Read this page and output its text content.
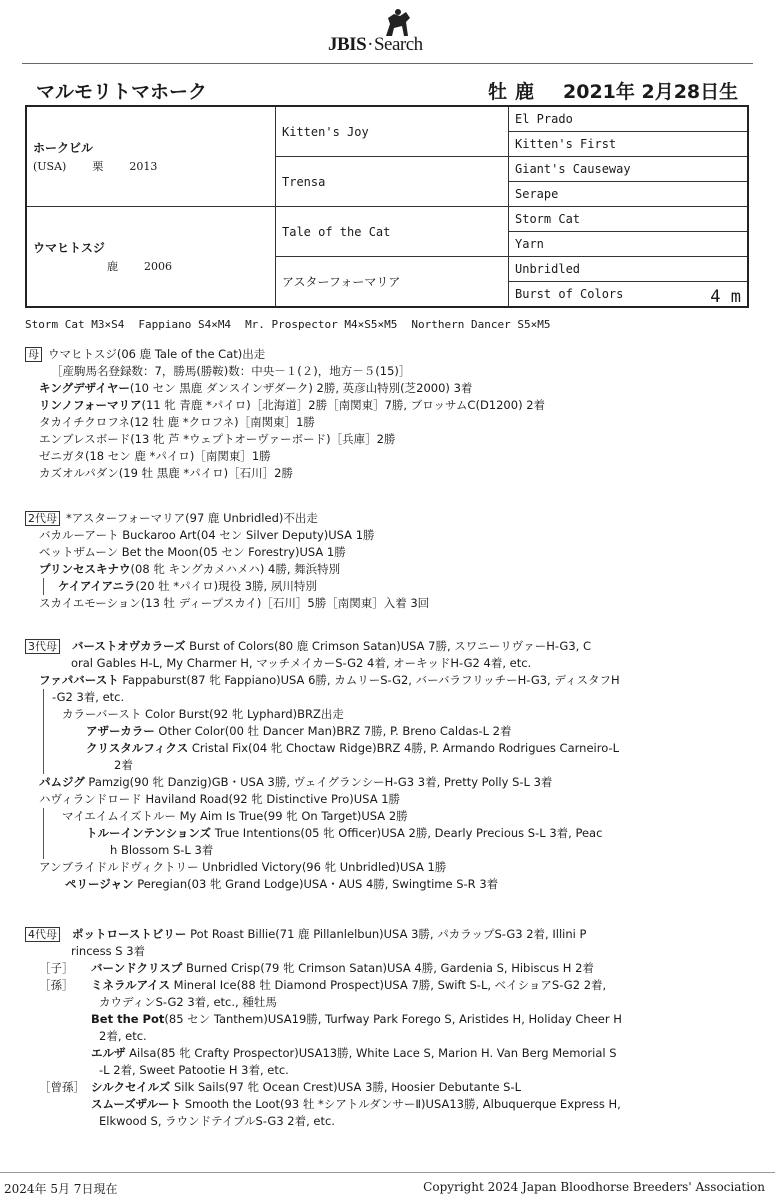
JBIS·Search
マルモリトマホーク	牡 鹿 2021年 2月28日生
ホークビル
(USA) 栗 2013	Kitten's Joy	El Prado
		Kitten's First
	Trensa	Giant's Causeway
		Serape

ウマヒトスジ
鹿 2006	Tale of the Cat	Storm Cat
		Yarn
	アスターフォーマリア	Unbridled
		Burst of Colors 4 m
Storm Cat M3×S4 Fappiano S4×M4 Mr. Prospector M4×S5×M5 Northern Dancer S5×M5
母 ウマヒトスジ(06 鹿 Tale of the Cat)出走
［産駒馬名登録数：7，勝馬(勝鞍)数：中央－１(２)，地方－５(15)］
キングデザイヤー(10 セン 黒鹿 ダンスインザダーク) 2勝, 英彦山特別(芝2000) 3着
リンノフォーマリア(11 牝 青鹿 *パイロ)［北海道］2勝［南関東］7勝, ブロッサムC(D1200) 2着
タカイチクロフネ(12 牡 鹿 *クロフネ)［南関東］1勝
エンブレスボード(13 牝 芦 *ウェプトオーヴァーボード)［兵庫］2勝
ゼニガタ(18 セン 鹿 *パイロ)［南関東］1勝
カズオルパダン(19 牡 黒鹿 *パイロ)［石川］2勝
2代母 *アスターフォーマリア(97 鹿 Unbridled)不出走
バカルーアート Buckaroo Art(04 セン Silver Deputy)USA 1勝
ベットザムーン Bet the Moon(05 セン Forestry)USA 1勝
プリンセスキナウ(08 牝 キングカメハメハ) 4勝, 舞浜特別
ケイアイアニラ(20 牡 *パイロ)現役 3勝, 夙川特別
スカイエモーション(13 牡 ディープスカイ)［石川］5勝［南関東］入着 3回
3代母 バーストオヴカラーズ Burst of Colors(80 鹿 Crimson Satan)USA 7勝, スワニーリヴァーH-G3, C
oral Gables H-L, My Charmer H, マッチメイカーS-G2 4着, オーキッドH-G2 4着, etc.
ファパバースト Fappaburst(87 牝 Fappiano)USA 6勝, カムリーS-G2, バーバラフリッチーH-G3, ディスタフH
-G2 3着, etc.
カラーバースト Color Burst(92 牝 Lyphard)BRZ出走
アザーカラー Other Color(00 牡 Dancer Man)BRZ 7勝, P. Breno Caldas-L 2着
クリスタルフィクス Cristal Fix(04 牝 Choctaw Ridge)BRZ 4勝, P. Armando Rodrigues Carneiro-L
2着
パムジグ Pamzig(90 牝 Danzig)GB・USA 3勝, ヴェイグランシーH-G3 3着, Pretty Polly S-L 3着
ハヴィランドロード Haviland Road(92 牝 Distinctive Pro)USA 1勝
マイエイムイズトルー My Aim Is True(99 牝 On Target)USA 2勝
トルーインテンションズ True Intentions(05 牝 Officer)USA 2勝, Dearly Precious S-L 3着, Peac
h Blossom S-L 3着
アンブライドルドヴィクトリー Unbridled Victory(96 牝 Unbridled)USA 1勝
ペリージャン Peregian(03 牝 Grand Lodge)USA・AUS 4勝, Swingtime S-R 3着
4代母 ポットローストビリー Pot Roast Billie(71 鹿 Pillanlelbun)USA 3勝, パカラップS-G3 2着, Illini P
rincess S 3着
［子］ バーンドクリスプ Burned Crisp(79 牝 Crimson Satan)USA 4勝, Gardenia S, Hibiscus H 2着
［孫］ ミネラルアイス Mineral Ice(88 牡 Diamond Prospect)USA 7勝, Swift S-L, ベイショアS-G2 2着,
カウディンS-G2 3着, etc., 種牡馬
Bet the Pot(85 セン Tanthem)USA19勝, Turfway Park Forego S, Aristides H, Holiday Cheer H
2着, etc.
エルザ Ailsa(85 牝 Crafty Prospector)USA13勝, White Lace S, Marion H. Van Berg Memorial S
-L 2着, Sweet Patootie H 3着, etc.
［曾孫］ シルクセイルズ Silk Sails(97 牝 Ocean Crest)USA 3勝, Hoosier Debutante S-L
スムーズザルート Smooth the Loot(93 牡 *シアトルダンサーⅡ)USA13勝, Albuquerque Express H,
Elkwood S, ラウンドテイブルS-G3 2着, etc.
2024年 5月 7日現在	Copyright 2024 Japan Bloodhorse Breeders' Association
